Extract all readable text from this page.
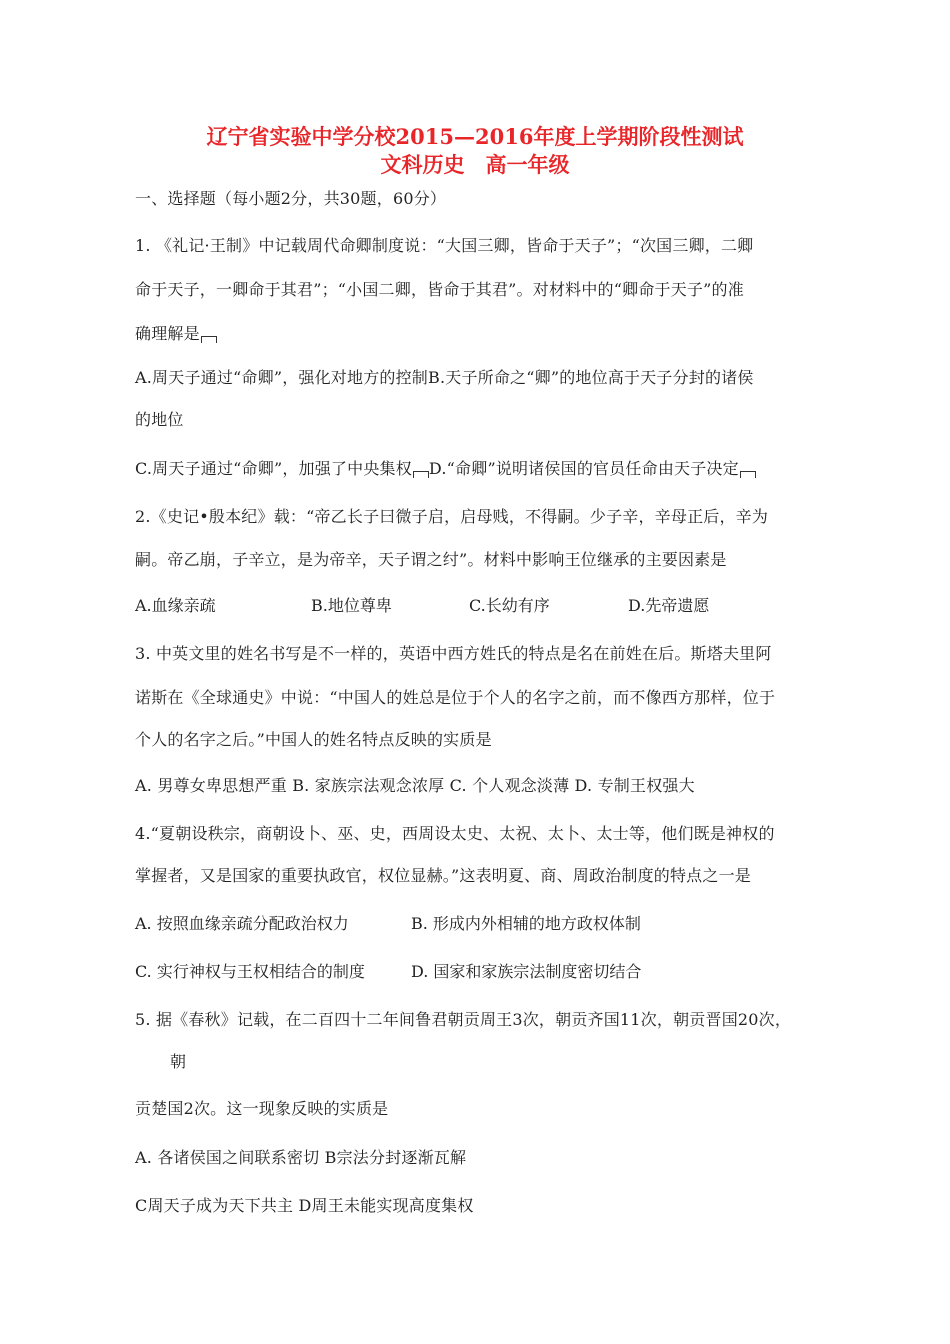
辽宁省实验中学分校2015—2016年度上学期阶段性测试
文科历史　高一年级
一、选择题（每小题2分，共30题，60分）
1. 《礼记·王制》中记载周代命卿制度说：“大国三卿，皆命于天子”；“次国三卿，二卿
命于天子，一卿命于其君”；“小国二卿，皆命于其君”。对材料中的“卿命于天子”的准
确理解是
A.周天子通过“命卿”，强化对地方的控制B.天子所命之“卿”的地位高于天子分封的诸侯
的地位
C.周天子通过“命卿”，加强了中央集权 D.“命卿”说明诸侯国的官员任命由天子决定
2.《史记•殷本纪》载：“帝乙长子曰微子启，启母贱，不得嗣。少子辛，辛母正后，辛为
嗣。帝乙崩，子辛立，是为帝辛，天子谓之纣”。材料中影响王位继承的主要因素是
A.血缘亲疏	B.地位尊卑	C.长幼有序	D.先帝遗愿
3. 中英文里的姓名书写是不一样的，英语中西方姓氏的特点是名在前姓在后。斯塔夫里阿
诺斯在《全球通史》中说：“中国人的姓总是位于个人的名字之前，而不像西方那样，位于
个人的名字之后。”中国人的姓名特点反映的实质是
A. 男尊女卑思想严重 B. 家族宗法观念浓厚 C. 个人观念淡薄 D. 专制王权强大
4.“夏朝设秩宗，商朝设卜、巫、史，西周设太史、太祝、太卜、太士等，他们既是神权的
掌握者，又是国家的重要执政官，权位显赫。”这表明夏、商、周政治制度的特点之一是
A. 按照血缘亲疏分配政治权力	B. 形成内外相辅的地方政权体制
C. 实行神权与王权相结合的制度	D. 国家和家族宗法制度密切结合
5. 据《春秋》记载，在二百四十二年间鲁君朝贡周王3次，朝贡齐国11次，朝贡晋国20次，
朝
贡楚国2次。这一现象反映的实质是
A. 各诸侯国之间联系密切 B宗法分封逐渐瓦解
C周天子成为天下共主 D周王未能实现高度集权
